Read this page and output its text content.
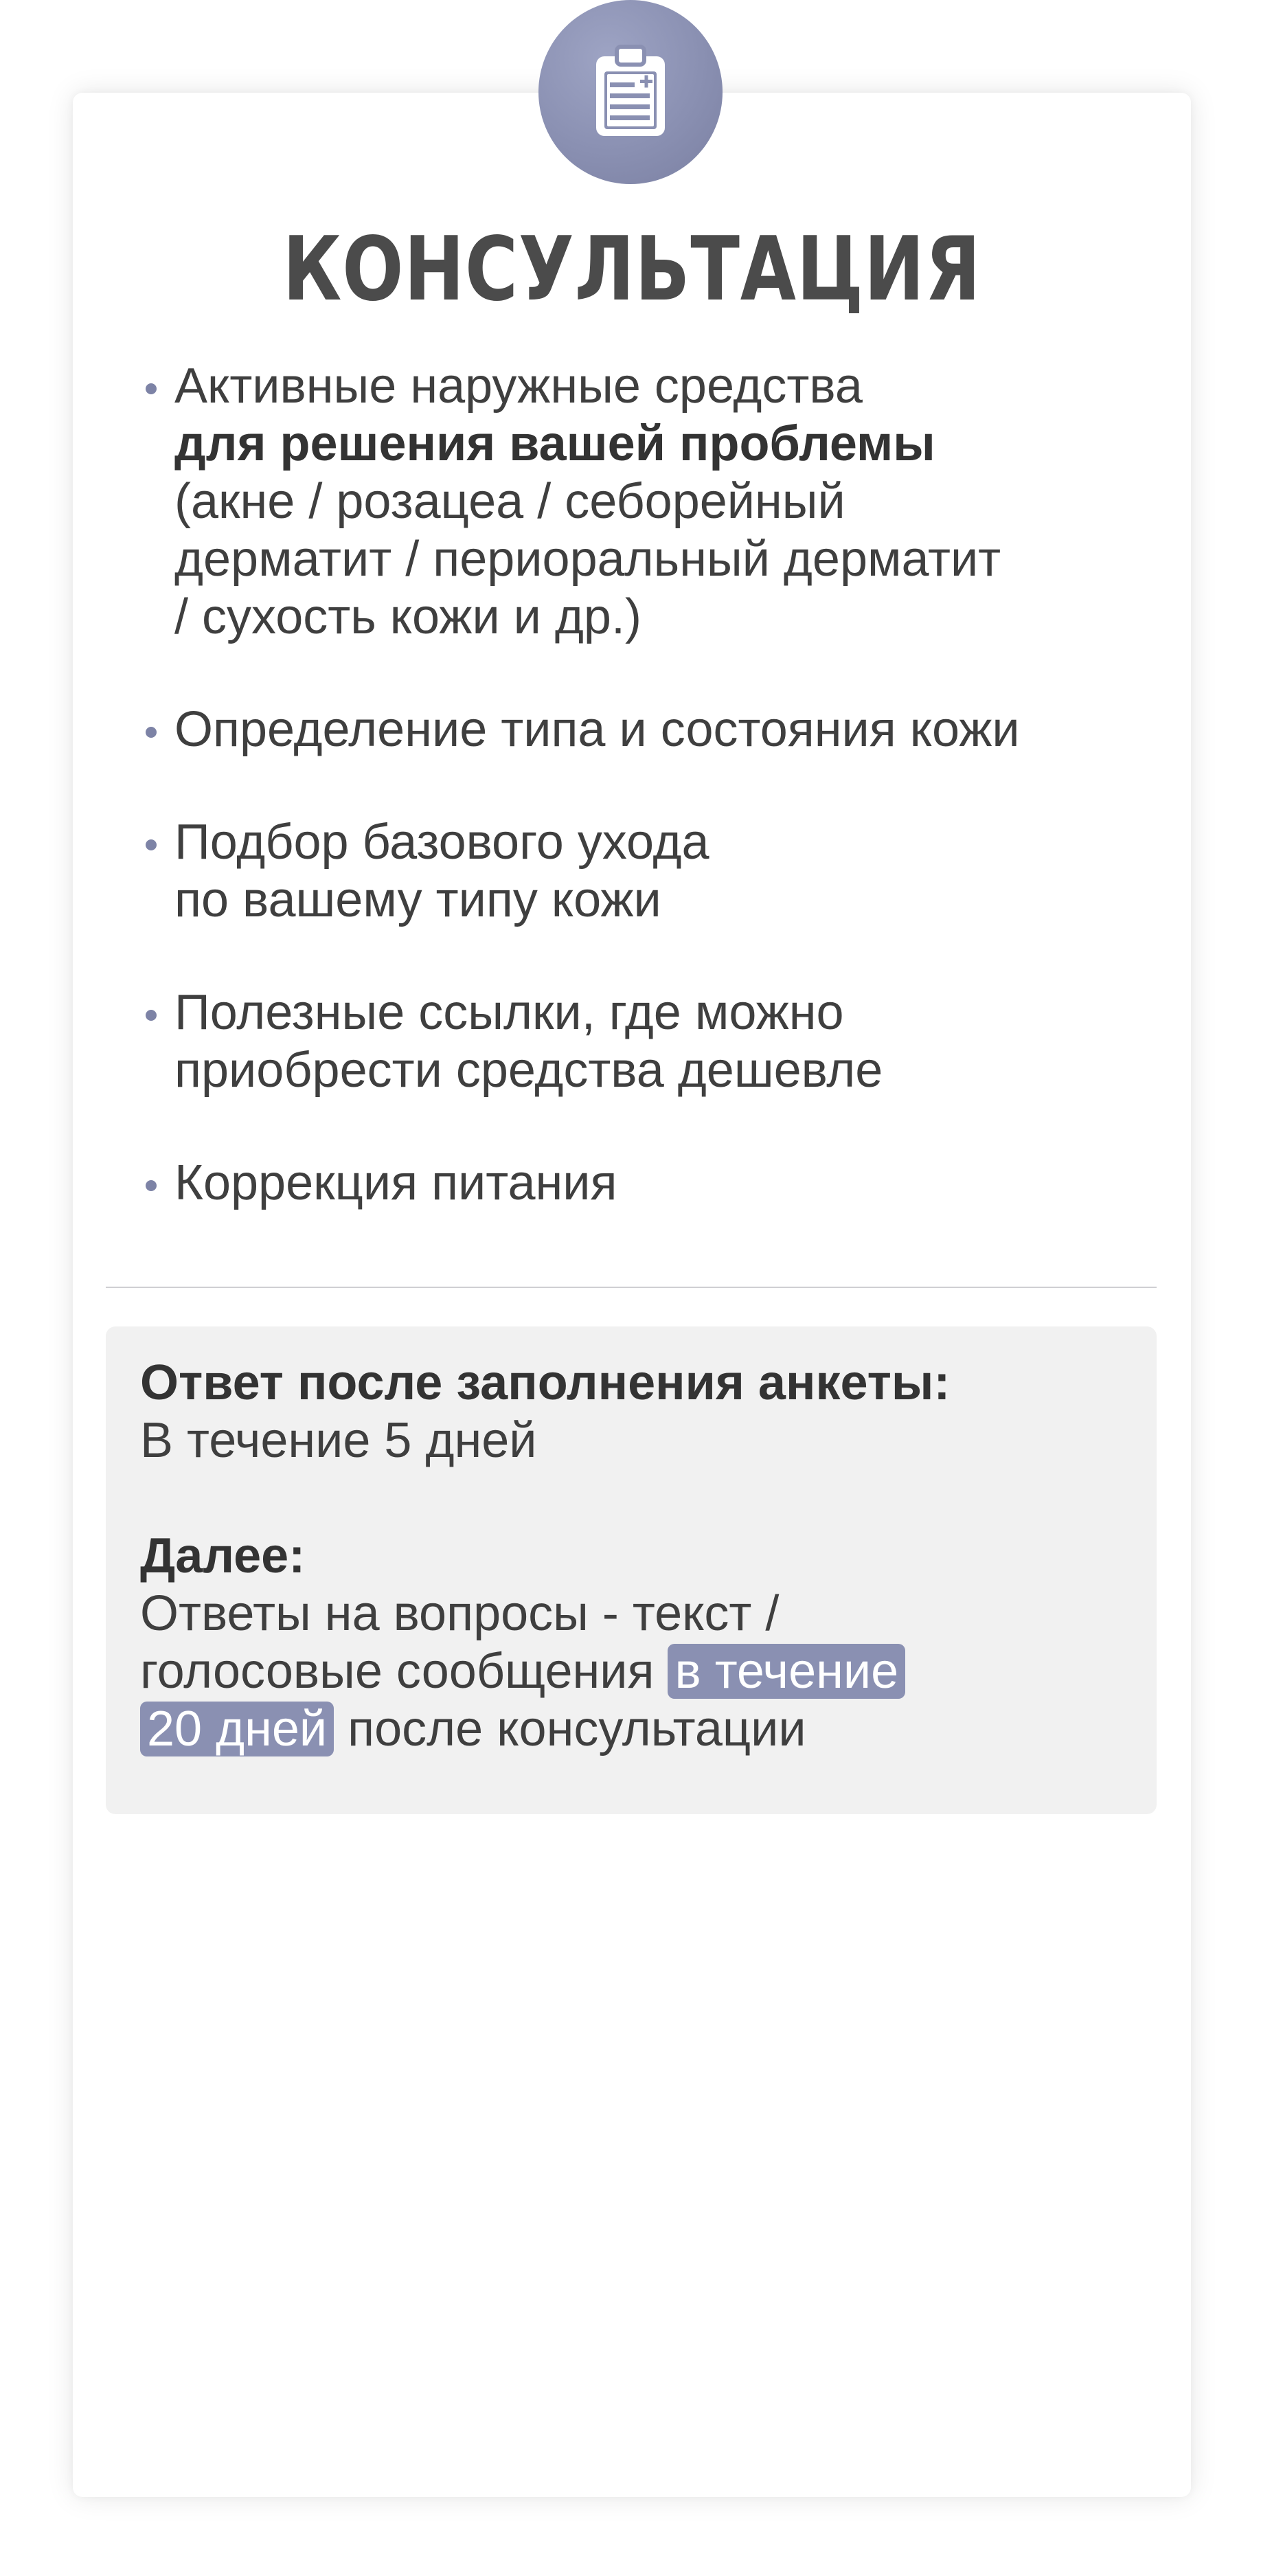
КОНСУЛЬТАЦИЯ
Активные наружные средства
для решения вашей проблемы
(акне / розацеа / себорейный
дерматит / периоральный дерматит
/ сухость кожи и др.)
Определение типа и состояния кожи
Подбор базового ухода
по вашему типу кожи
Полезные ссылки, где можно
приобрести средства дешевле
Коррекция питания
Ответ после заполнения анкеты:
В течение 5 дней
Далее:
Ответы на вопросы - текст /
голосовые сообщения в течение
20 дней после консультации
